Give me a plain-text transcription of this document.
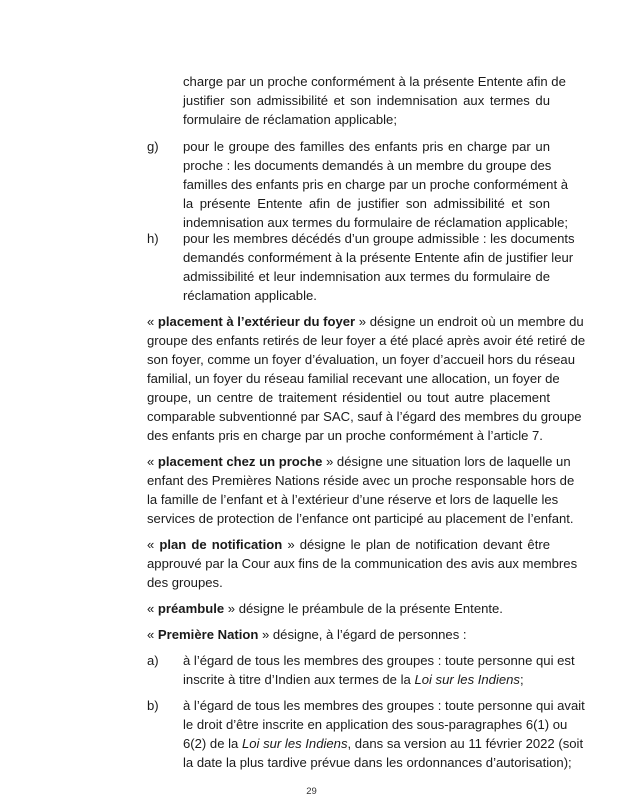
charge par un proche conformément à la présente Entente afin de
justifier son admissibilité et son indemnisation aux termes du
formulaire de réclamation applicable;
g) pour le groupe des familles des enfants pris en charge par un
proche : les documents demandés à un membre du groupe des
familles des enfants pris en charge par un proche conformément à
la présente Entente afin de justifier son admissibilité et son
indemnisation aux termes du formulaire de réclamation applicable;
h) pour les membres décédés d’un groupe admissible : les documents
demandés conformément à la présente Entente afin de justifier leur
admissibilité et leur indemnisation aux termes du formulaire de
réclamation applicable.
« placement à l’extérieur du foyer » désigne un endroit où un membre du
groupe des enfants retirés de leur foyer a été placé après avoir été retiré de
son foyer, comme un foyer d’évaluation, un foyer d’accueil hors du réseau
familial, un foyer du réseau familial recevant une allocation, un foyer de
groupe, un centre de traitement résidentiel ou tout autre placement
comparable subventionné par SAC, sauf à l’égard des membres du groupe
des enfants pris en charge par un proche conformément à l’article 7.
« placement chez un proche » désigne une situation lors de laquelle un
enfant des Premières Nations réside avec un proche responsable hors de
la famille de l’enfant et à l’extérieur d’une réserve et lors de laquelle les
services de protection de l’enfance ont participé au placement de l’enfant.
« plan de notification » désigne le plan de notification devant être
approuvé par la Cour aux fins de la communication des avis aux membres
des groupes.
« préambule » désigne le préambule de la présente Entente.
« Première Nation » désigne, à l’égard de personnes :
a) à l’égard de tous les membres des groupes : toute personne qui est
inscrite à titre d’Indien aux termes de la Loi sur les Indiens;
b) à l’égard de tous les membres des groupes : toute personne qui avait
le droit d’être inscrite en application des sous-paragraphes 6(1) ou
6(2) de la Loi sur les Indiens, dans sa version au 11 février 2022 (soit
la date la plus tardive prévue dans les ordonnances d’autorisation);
29
